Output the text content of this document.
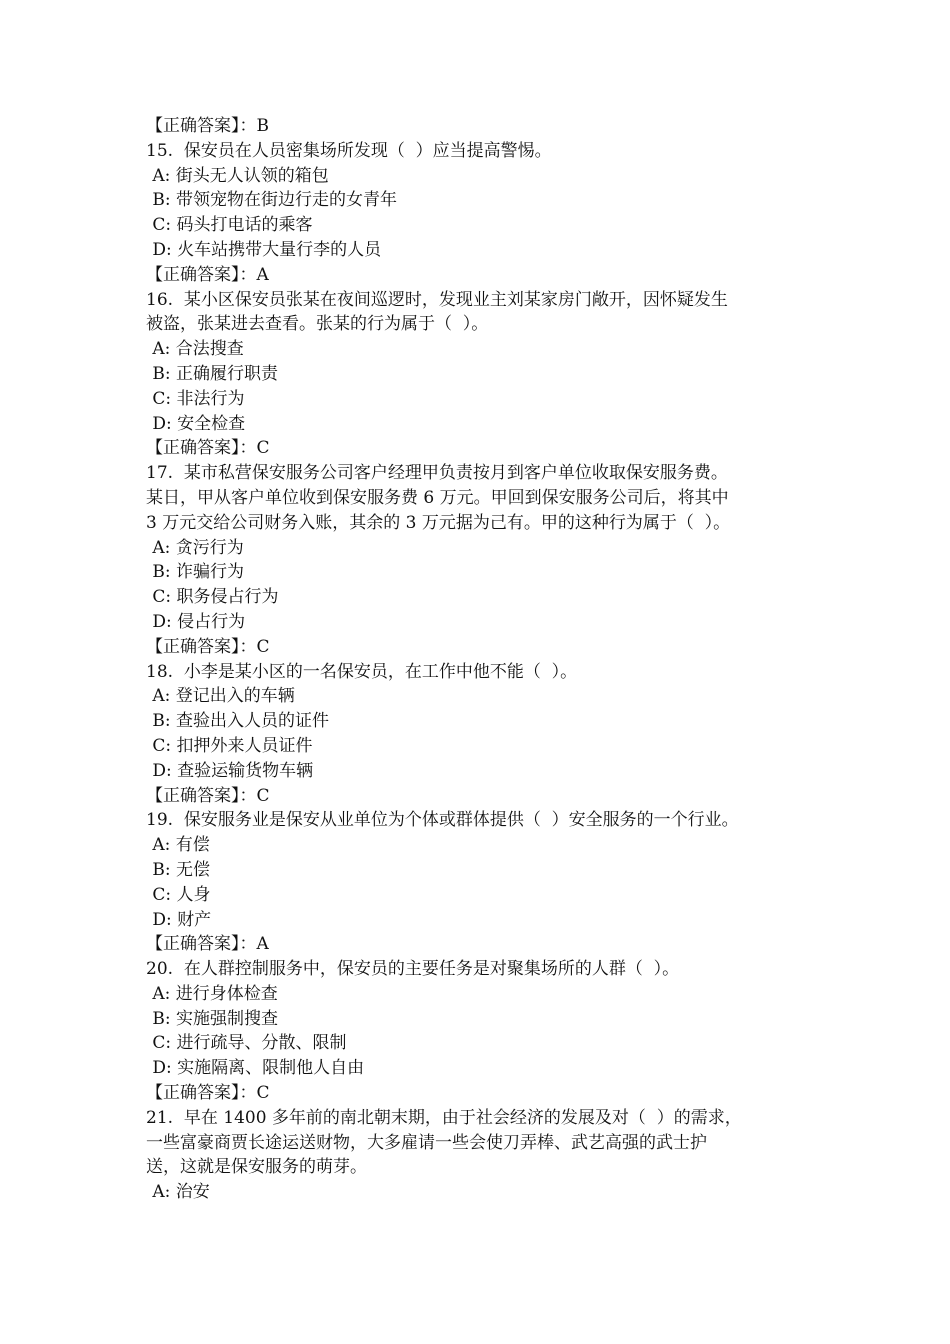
【正确答案】：B

15.  保安员在人员密集场所发现（  ）应当提高警惕。

A: 街头无人认领的箱包

B: 带领宠物在街边行走的女青年

C: 码头打电话的乘客

D: 火车站携带大量行李的人员

【正确答案】：A

16.  某小区保安员张某在夜间巡逻时，发现业主刘某家房门敞开，因怀疑发生

被盗，张某进去查看。张某的行为属于（  ）。

A: 合法搜查

B: 正确履行职责

C: 非法行为

D: 安全检查

【正确答案】：C

17.  某市私营保安服务公司客户经理甲负责按月到客户单位收取保安服务费。

某日，甲从客户单位收到保安服务费 6 万元。甲回到保安服务公司后，将其中

3 万元交给公司财务入账，其余的 3 万元据为己有。甲的这种行为属于（  ）。

A: 贪污行为

B: 诈骗行为

C: 职务侵占行为

D: 侵占行为

【正确答案】：C

18.  小李是某小区的一名保安员，在工作中他不能（  ）。

A: 登记出入的车辆

B: 查验出入人员的证件

C: 扣押外来人员证件

D: 查验运输货物车辆

【正确答案】：C

19.  保安服务业是保安从业单位为个体或群体提供（  ）安全服务的一个行业。

A: 有偿

B: 无偿

C: 人身

D: 财产

【正确答案】：A

20.  在人群控制服务中，保安员的主要任务是对聚集场所的人群（  ）。

A: 进行身体检查

B: 实施强制搜查

C: 进行疏导、分散、限制

D: 实施隔离、限制他人自由

【正确答案】：C

21.  早在 1400 多年前的南北朝末期，由于社会经济的发展及对（  ）的需求，

一些富豪商贾长途运送财物，大多雇请一些会使刀弄棒、武艺高强的武士护

送，这就是保安服务的萌芽。

A: 治安
